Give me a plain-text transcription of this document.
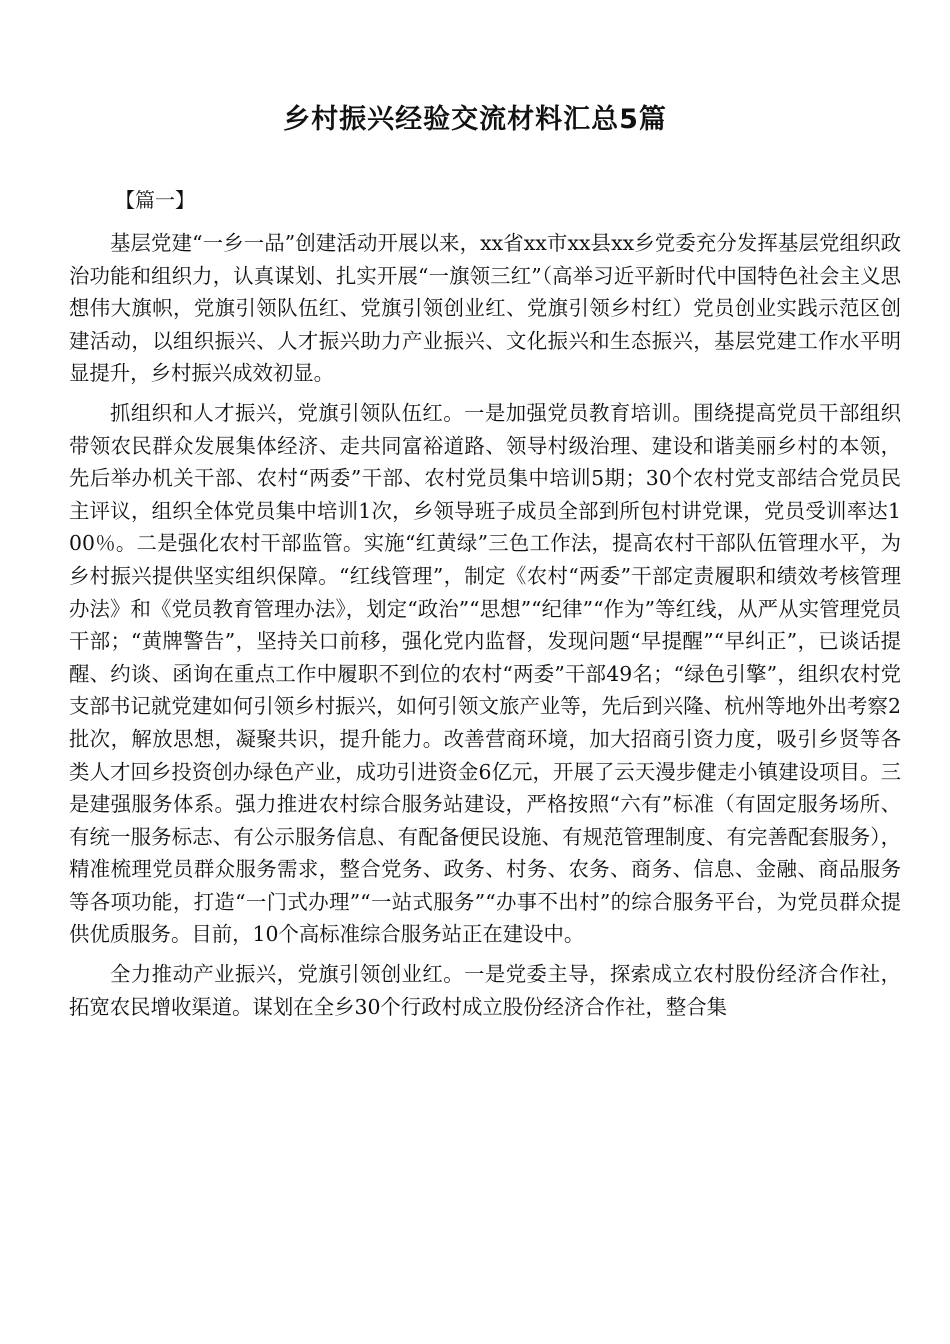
乡村振兴经验交流材料汇总5篇

【篇一】

基层党建“一乡一品”创建活动开展以来，xx省xx市xx县xx乡党委充分发挥基层党组织政治功能和组织力，认真谋划、扎实开展“一旗领三红”（高举习近平新时代中国特色社会主义思想伟大旗帜，党旗引领队伍红、党旗引领创业红、党旗引领乡村红）党员创业实践示范区创建活动，以组织振兴、人才振兴助力产业振兴、文化振兴和生态振兴，基层党建工作水平明显提升，乡村振兴成效初显。

抓组织和人才振兴，党旗引领队伍红。一是加强党员教育培训。围绕提高党员干部组织带领农民群众发展集体经济、走共同富裕道路、领导村级治理、建设和谐美丽乡村的本领，先后举办机关干部、农村“两委”干部、农村党员集中培训5期；30个农村党支部结合党员民主评议，组织全体党员集中培训1次，乡领导班子成员全部到所包村讲党课，党员受训率达100％。二是强化农村干部监管。实施“红黄绿”三色工作法，提高农村干部队伍管理水平，为乡村振兴提供坚实组织保障。“红线管理”，制定《农村“两委”干部定责履职和绩效考核管理办法》和《党员教育管理办法》，划定“政治”“思想”“纪律”“作为”等红线，从严从实管理党员干部；“黄牌警告”，坚持关口前移，强化党内监督，发现问题“早提醒”“早纠正”，已谈话提醒、约谈、函询在重点工作中履职不到位的农村“两委”干部49名；“绿色引擎”，组织农村党支部书记就党建如何引领乡村振兴，如何引领文旅产业等，先后到兴隆、杭州等地外出考察2批次，解放思想，凝聚共识，提升能力。改善营商环境，加大招商引资力度，吸引乡贤等各类人才回乡投资创办绿色产业，成功引进资金6亿元，开展了云天漫步健走小镇建设项目。三是建强服务体系。强力推进农村综合服务站建设，严格按照“六有”标准（有固定服务场所、有统一服务标志、有公示服务信息、有配备便民设施、有规范管理制度、有完善配套服务），精准梳理党员群众服务需求，整合党务、政务、村务、农务、商务、信息、金融、商品服务等各项功能，打造“一门式办理”“一站式服务”“办事不出村”的综合服务平台，为党员群众提供优质服务。目前，10个高标准综合服务站正在建设中。

全力推动产业振兴，党旗引领创业红。一是党委主导，探索成立农村股份经济合作社，拓宽农民增收渠道。谋划在全乡30个行政村成立股份经济合作社，整合集
